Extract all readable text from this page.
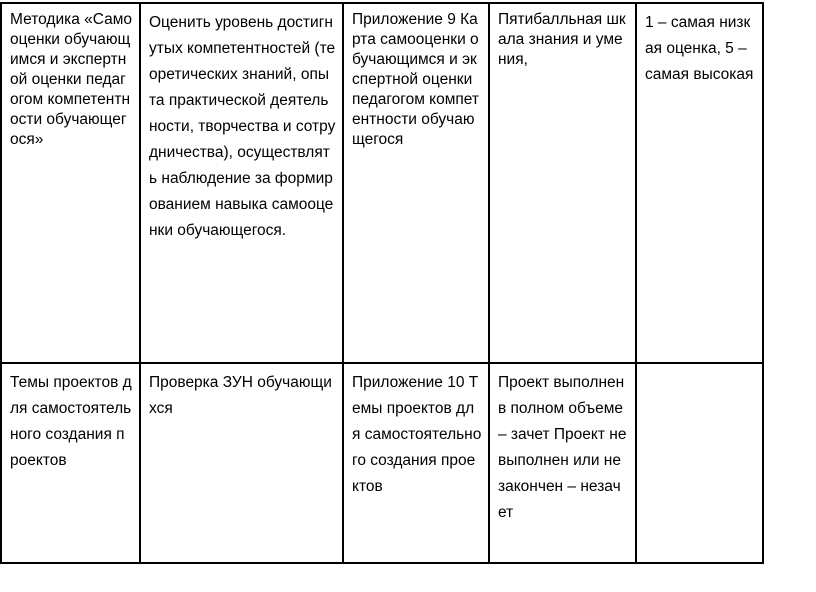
Методика «Самооценки обучающимся и экспертной оценки педагогом компетентности обучающегося»	Оценить уровень достигнутых компетентностей (теоретических знаний, опыта практической деятельности, творчества и сотрудничества), осуществлять наблюдение за формированием навыка самооценки обучающегося.	Приложение 9 Карта самооценки обучающимся и экспертной оценки педагогом компетентности обучающегося	Пятибалльная шкала знания и умения,	1 – самая низкая оценка, 5 – самая высокая
Темы проектов для самостоятельного создания проектов	Проверка ЗУН обучающихся	Приложение 10 Темы проектов для самостоятельного создания проектов	Проект выполнен в полном объеме – зачет Проект не выполнен или не закончен – незачет	
